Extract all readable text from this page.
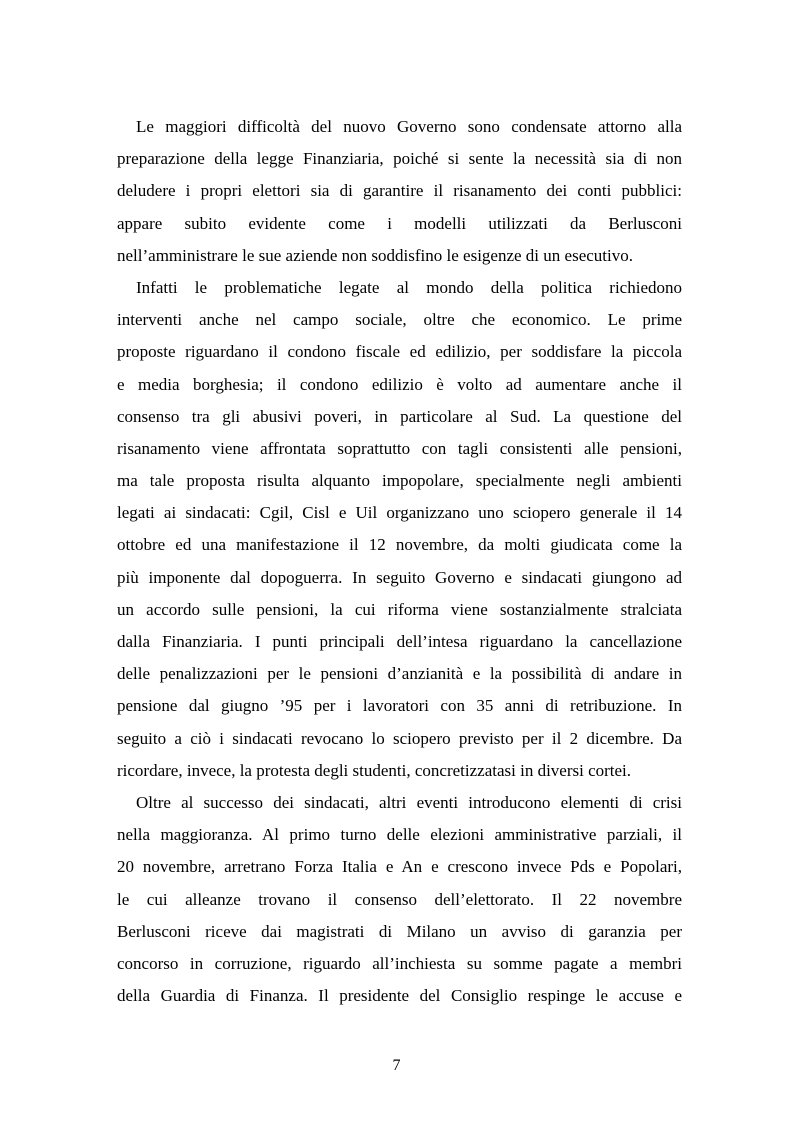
Le maggiori difficoltà del nuovo Governo sono condensate attorno alla
preparazione della legge Finanziaria, poiché si sente la necessità sia di non
deludere i propri elettori sia di garantire il risanamento dei conti pubblici:
appare subito evidente come i modelli utilizzati da Berlusconi
nell’amministrare le sue aziende non soddisfino le esigenze di un esecutivo.
Infatti le problematiche legate al mondo della politica richiedono
interventi anche nel campo sociale, oltre che economico. Le prime
proposte riguardano il condono fiscale ed edilizio, per soddisfare la piccola
e media borghesia; il condono edilizio è volto ad aumentare anche il
consenso tra gli abusivi poveri, in particolare al Sud. La questione del
risanamento viene affrontata soprattutto con tagli consistenti alle pensioni,
ma tale proposta risulta alquanto impopolare, specialmente negli ambienti
legati ai sindacati: Cgil, Cisl e Uil organizzano uno sciopero generale il 14
ottobre ed una manifestazione il 12 novembre, da molti giudicata come la
più imponente dal dopoguerra. In seguito Governo e sindacati giungono ad
un accordo sulle pensioni, la cui riforma viene sostanzialmente stralciata
dalla Finanziaria. I punti principali dell’intesa riguardano la cancellazione
delle penalizzazioni per le pensioni d’anzianità e la possibilità di andare in
pensione dal giugno ’95 per i lavoratori con 35 anni di retribuzione. In
seguito a ciò i sindacati revocano lo sciopero previsto per il 2 dicembre. Da
ricordare, invece, la protesta degli studenti, concretizzatasi in diversi cortei.
Oltre al successo dei sindacati, altri eventi introducono elementi di crisi
nella maggioranza. Al primo turno delle elezioni amministrative parziali, il
20 novembre, arretrano Forza Italia e An e crescono invece Pds e Popolari,
le cui alleanze trovano il consenso dell’elettorato. Il 22 novembre
Berlusconi riceve dai magistrati di Milano un avviso di garanzia per
concorso in corruzione, riguardo all’inchiesta su somme pagate a membri
della Guardia di Finanza. Il presidente del Consiglio respinge le accuse e
7
